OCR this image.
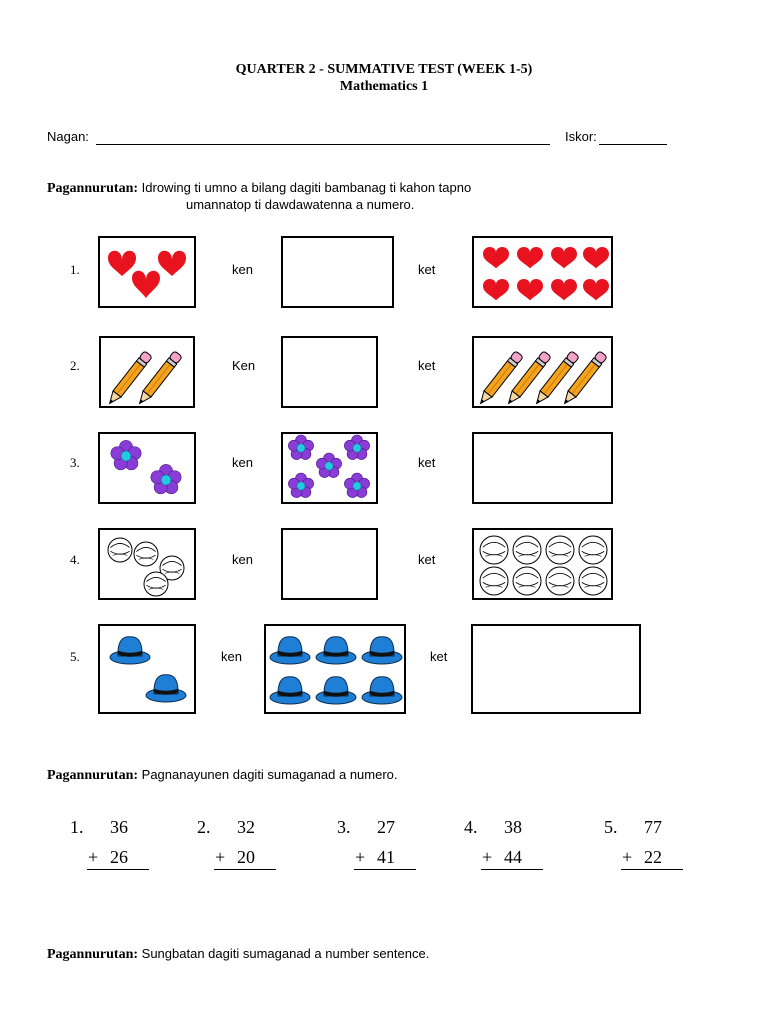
QUARTER 2 - SUMMATIVE TEST (WEEK 1-5)
Mathematics 1
Nagan:	Iskor:
Pagannurutan: Idrowing ti umno a bilang dagiti bambanag ti kahon tapno
umannatop ti dawdawatenna a numero.
1.	ken	ket
2.	Ken	ket
3.	ken	ket
4.	ken	ket
5.	ken	ket
Pagannurutan: Pagnanayunen dagiti sumaganad a numero.
1. 36
+ 26
2. 32
+ 20
3. 27
+ 41
4. 38
+ 44
5. 77
+ 22
Pagannurutan: Sungbatan dagiti sumaganad a number sentence.
